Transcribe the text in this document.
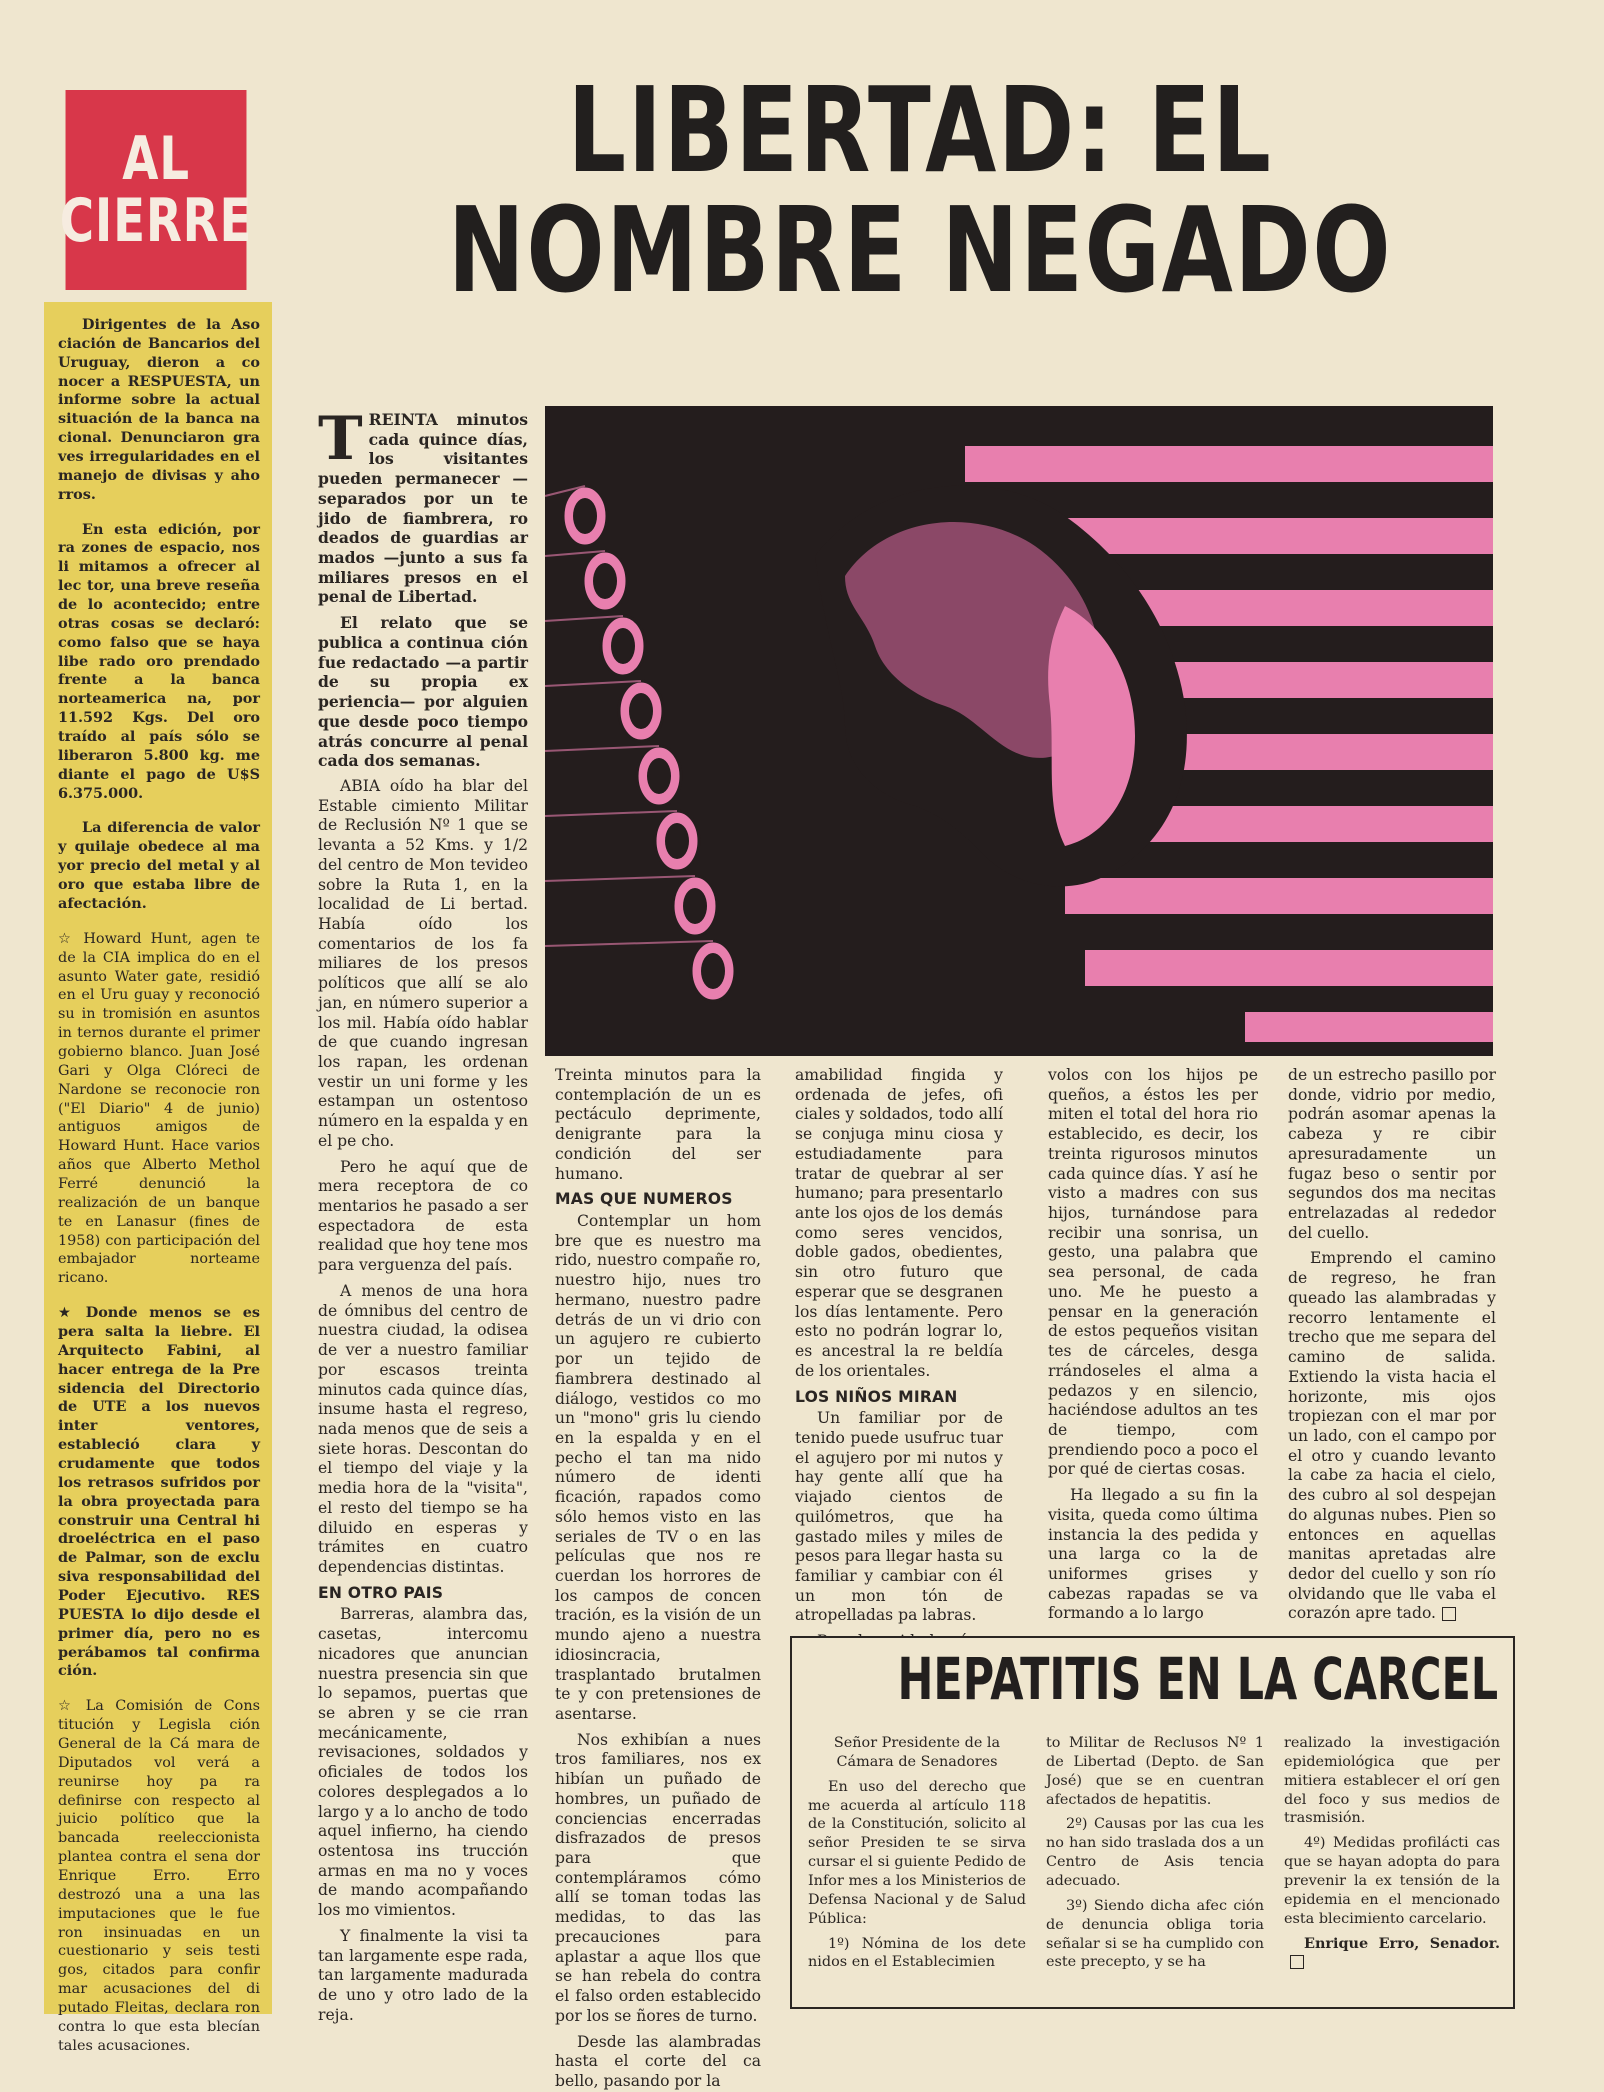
AL
CIERRE

Dirigentes de la Aso ciación de Bancarios del Uruguay, dieron a co nocer a RESPUESTA, un informe sobre la actual situación de la banca na cional. Denunciaron gra ves irregularidades en el manejo de divisas y aho rros.

En esta edición, por ra zones de espacio, nos li mitamos a ofrecer al lec tor, una breve reseña de lo acontecido; entre otras cosas se declaró: como falso que se haya libe rado oro prendado frente a la banca norteamerica na, por 11.592 Kgs. Del oro traído al país sólo se liberaron 5.800 kg. me diante el pago de U$S 6.375.000.

La diferencia de valor y quilaje obedece al ma yor precio del metal y al oro que estaba libre de afectación.

☆ Howard Hunt, agen te de la CIA implica do en el asunto Water gate, residió en el Uru guay y reconoció su in tromisión en asuntos in ternos durante el primer gobierno blanco. Juan José Gari y Olga Clóreci de Nardone se reconocie ron ("El Diario" 4 de junio) antiguos amigos de Howard Hunt. Hace varios años que Alberto Methol Ferré denunció la realización de un banque te en Lanasur (fines de 1958) con participación del embajador norteame ricano.

★ Donde menos se es pera salta la liebre. El Arquitecto Fabini, al hacer entrega de la Pre sidencia del Directorio de UTE a los nuevos inter ventores, estableció clara y crudamente que todos los retrasos sufridos por la obra proyectada para construir una Central hi droeléctrica en el paso de Palmar, son de exclu siva responsabilidad del Poder Ejecutivo. RES PUESTA lo dijo desde el primer día, pero no es perábamos tal confirma ción.

☆ La Comisión de Cons titución y Legisla ción General de la Cá mara de Diputados vol verá a reunirse hoy pa ra definirse con respecto al juicio político que la bancada reeleccionista plantea contra el sena dor Enrique Erro. Erro destrozó una a una las imputaciones que le fue ron insinuadas en un cuestionario y seis testi gos, citados para confir mar acusaciones del di putado Fleitas, declara ron contra lo que esta blecían tales acusaciones.

LIBERTAD: EL
NOMBRE NEGADO

TREINTA minutos cada quince días, los visitantes pueden permanecer —separados por un te jido de fiambrera, ro deados de guardias ar mados —junto a sus fa miliares presos en el penal de Libertad.

El relato que se publica a continua ción fue redactado —a partir de su propia ex periencia— por alguien que desde poco tiempo atrás concurre al penal cada dos semanas.

ABIA oído ha blar del Estable cimiento Militar de Reclusión Nº 1 que se levanta a 52 Kms. y 1/2 del centro de Mon tevideo sobre la Ruta 1, en la localidad de Li bertad. Había oído los comentarios de los fa miliares de los presos políticos que allí se alo jan, en número superior a los mil. Había oído hablar de que cuando ingresan los rapan, les ordenan vestir un uni forme y les estampan un ostentoso número en la espalda y en el pe cho.

Pero he aquí que de mera receptora de co mentarios he pasado a ser espectadora de esta realidad que hoy tene mos para verguenza del país.

A menos de una hora de ómnibus del centro de nuestra ciudad, la odisea de ver a nuestro familiar por escasos treinta minutos cada quince días, insume hasta el regreso, nada menos que de seis a siete horas. Descontan do el tiempo del viaje y la media hora de la "visita", el resto del tiempo se ha diluido en esperas y trámites en cuatro dependencias distintas.

EN OTRO PAIS

Barreras, alambra das, casetas, intercomu nicadores que anuncian nuestra presencia sin que lo sepamos, puertas que se abren y se cie rran mecánicamente, revisaciones, soldados y oficiales de todos los colores desplegados a lo largo y a lo ancho de todo aquel infierno, ha ciendo ostentosa ins trucción armas en ma no y voces de mando acompañando los mo vimientos.

Y finalmente la visi ta tan largamente espe rada, tan largamente madurada de uno y otro lado de la reja.

Treinta minutos para la contemplación de un es pectáculo deprimente, denigrante para la condición del ser humano.

MAS QUE NUMEROS

Contemplar un hom bre que es nuestro ma rido, nuestro compañe ro, nuestro hijo, nues tro hermano, nuestro padre detrás de un vi drio con un agujero re cubierto por un tejido de fiambrera destinado al diálogo, vestidos co mo un "mono" gris lu ciendo en la espalda y en el pecho el tan ma nido número de identi ficación, rapados como sólo hemos visto en las seriales de TV o en las películas que nos re cuerdan los horrores de los campos de concen tración, es la visión de un mundo ajeno a nuestra idiosincracia, trasplantado brutalmen te y con pretensiones de asentarse.

Nos exhibían a nues tros familiares, nos ex hibían un puñado de hombres, un puñado de conciencias encerradas disfrazados de presos para que contempláramos cómo allí se toman todas las medidas, to das las precauciones para aplastar a aque llos que se han rebela do contra el falso orden establecido por los se ñores de turno.

Desde las alambradas hasta el corte del ca bello, pasando por la

amabilidad fingida y ordenada de jefes, ofi ciales y soldados, todo allí se conjuga minu ciosa y estudiadamente para tratar de quebrar al ser humano; para presentarlo ante los ojos de los demás como seres vencidos, doble gados, obedientes, sin otro futuro que esperar que se desgranen los días lentamente. Pero esto no podrán lograr lo, es ancestral la re beldía de los orientales.

LOS NIÑOS MIRAN

Un familiar por de tenido puede usufruc tuar el agujero por mi nutos y hay gente allí que ha viajado cientos de quilómetros, que ha gastado miles y miles de pesos para llegar hasta su familiar y cambiar con él un mon tón de atropelladas pa labras.

volos con los hijos pe queños, a éstos les per miten el total del hora rio establecido, es decir, los treinta rigurosos minutos cada quince días. Y así he visto a madres con sus hijos, turnándose para recibir una sonrisa, un gesto, una palabra que sea personal, de cada uno. Me he puesto a pensar en la generación de estos pequeños visitan tes de cárceles, desga rrándoseles el alma a pedazos y en silencio, haciéndose adultos an tes de tiempo, com prendiendo poco a poco el por qué de ciertas cosas.

Ha llegado a su fin la visita, queda como última instancia la des pedida y una larga co la de uniformes grises y cabezas rapadas se va formando a lo largo

de un estrecho pasillo por donde, vidrio por medio, podrán asomar apenas la cabeza y re cibir apresuradamente un fugaz beso o sentir por segundos dos ma necitas entrelazadas al rededor del cuello.

Emprendo el camino de regreso, he fran queado las alambradas y recorro lentamente el trecho que me separa del camino de salida. Extiendo la vista hacia el horizonte, mis ojos tropiezan con el mar por un lado, con el campo por el otro y cuando levanto la cabe za hacia el cielo, des cubro al sol despejan do algunas nubes. Pien so entonces en aquellas manitas apretadas alre dedor del cuello y son río olvidando que lle vaba el corazón apre tado.

HEPATITIS EN LA CARCEL

Señor Presidente de la Cámara de Senadores

En uso del derecho que me acuerda al artículo 118 de la Constitución, solicito al señor Presiden te se sirva cursar el si guiente Pedido de Infor mes a los Ministerios de Defensa Nacional y de Salud Pública:

1º) Nómina de los dete nidos en el Establecimien

to Militar de Reclusos Nº 1 de Libertad (Depto. de San José) que se en cuentran afectados de hepatitis.

2º) Causas por las cua les no han sido traslada dos a un Centro de Asis tencia adecuado.

3º) Siendo dicha afec ción de denuncia obliga toria señalar si se ha cumplido con este precepto, y se ha

realizado la investigación epidemiológica que per mitiera establecer el orí gen del foco y sus medios de trasmisión.

4º) Medidas profilácti cas que se hayan adopta do para prevenir la ex tensión de la epidemia en el mencionado esta blecimiento carcelario.

Enrique Erro, Senador.
